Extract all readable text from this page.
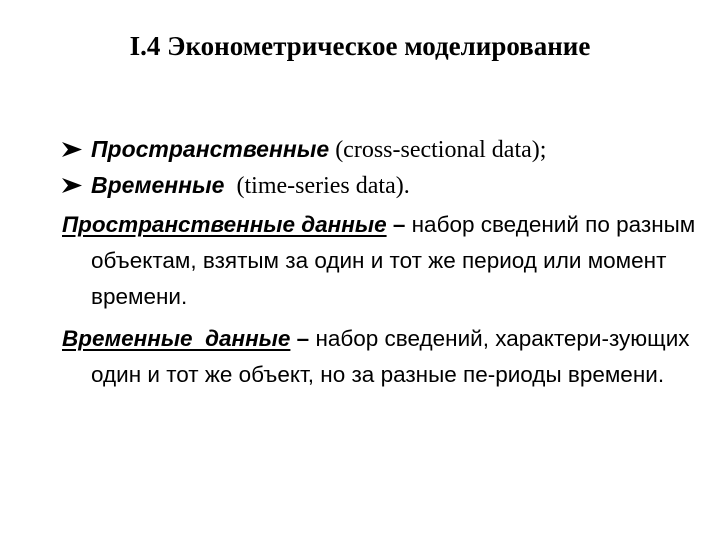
I.4 Эконометрическое моделирование
Пространственные (cross-sectional data);
Временные (time-series data).
Пространственные данные – набор сведений по разным объектам, взятым за один и тот же период или момент времени.
Временные  данные – набор сведений, характери-зующих один и тот же объект, но за разные пе-риоды времени.
